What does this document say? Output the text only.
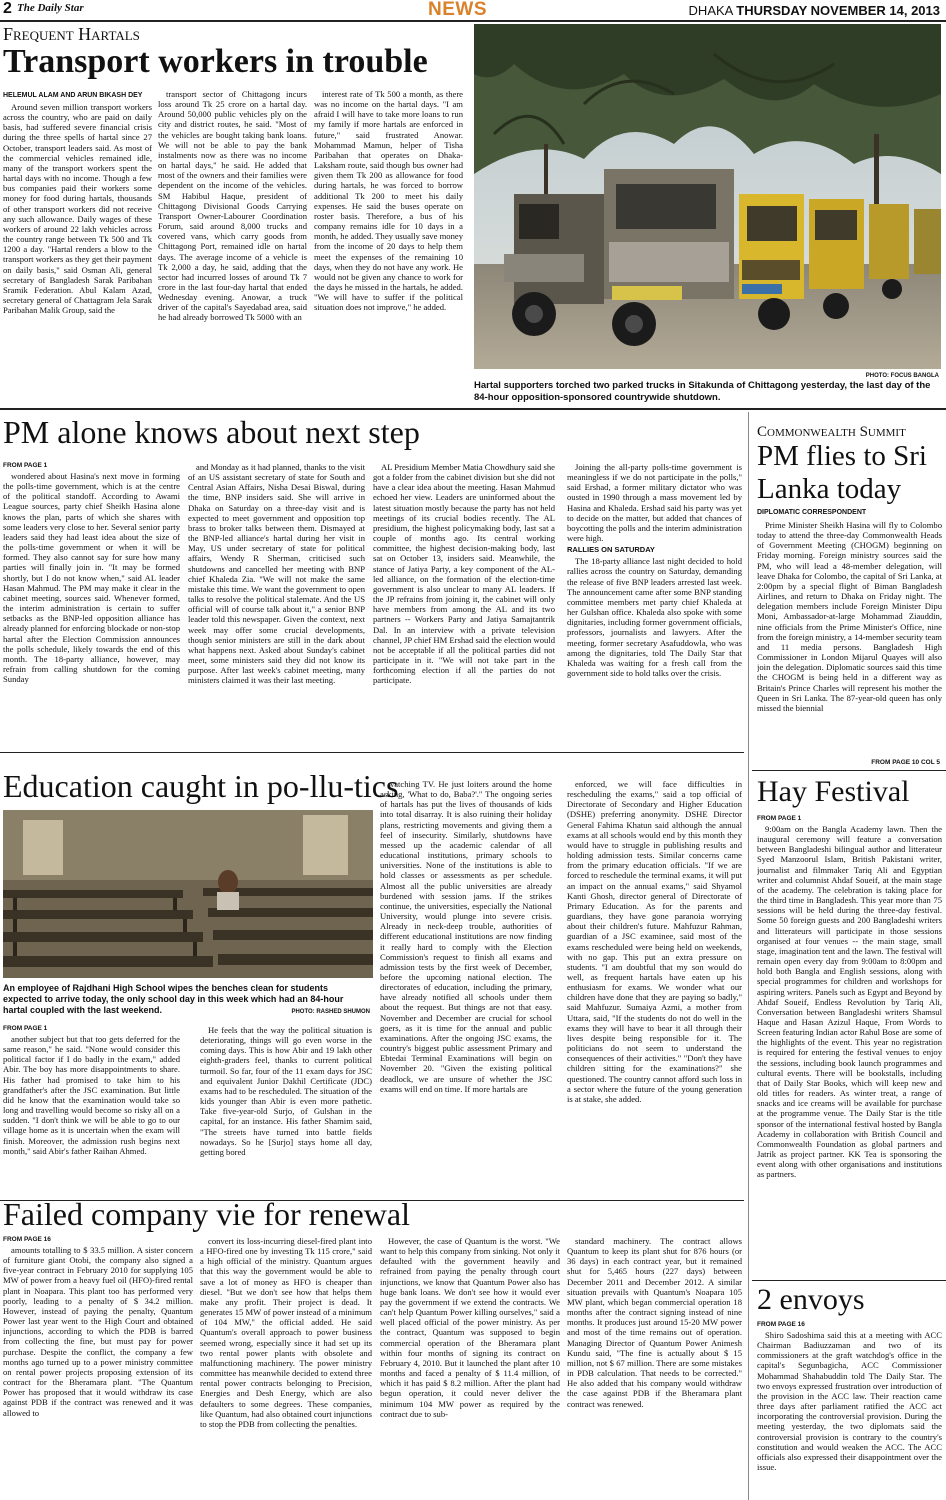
2 The Daily Star	NEWS	DHAKA THURSDAY NOVEMBER 14, 2013
Frequent Hartals
Transport workers in trouble
HELEMUL ALAM AND ARUN BIKASH DEY

Around seven million transport workers across the country, who are paid on daily basis, had suffered severe financial crisis during the three spells of hartal since 27 October, transport leaders said. As most of the commercial vehicles remained idle, many of the transport workers spent the hartal days with no income. Though a few bus companies paid their workers some money for food during hartals, thousands of other transport workers did not receive any such allowance. Daily wages of these workers of around 22 lakh vehicles across the country range between Tk 500 and Tk 1200 a day. "Hartal renders a blow to the transport workers as they get their payment on daily basis," said Osman Ali, general secretary of Bangladesh Sarak Paribahan Sramik Federation. Abul Kalam Azad, secretary general of Chattagram Jela Sarak Paribahan Malik Group, said the

transport sector of Chittagong incurs loss around Tk 25 crore on a hartal day. Around 50,000 public vehicles ply on the city and district routes, he said. "Most of the vehicles are bought taking bank loans. We will not be able to pay the bank instalments now as there was no income on hartal days," he said. He added that most of the owners and their families were dependent on the income of the vehicles. SM Habibul Haque, president of Chittagong Divisional Goods Carrying Transport Owner-Labourer Coordination Forum, said around 8,000 trucks and covered vans, which carry goods from Chittagong Port, remained idle on hartal days. The average income of a vehicle is Tk 2,000 a day, he said, adding that the sector had incurred losses of around Tk 7 crore in the last four-day hartal that ended Wednesday evening. Anowar, a truck driver of the capital's Sayedabad area, said he had already borrowed Tk 5000 with an

interest rate of Tk 500 a month, as there was no income on the hartal days. "I am afraid I will have to take more loans to run my family if more hartals are enforced in future," said frustrated Anowar. Mohammad Mamun, helper of Tisha Paribahan that operates on Dhaka-Laksham route, said though bus owner had given them Tk 200 as allowance for food during hartals, he was forced to borrow additional Tk 200 to meet his daily expenses. He said the buses operate on roster basis. Therefore, a bus of his company remains idle for 10 days in a month, he added. They usually save money from the income of 20 days to help them meet the expenses of the remaining 10 days, when they do not have any work. He would not be given any chance to work for the days he missed in the hartals, he added. "We will have to suffer if the political situation does not improve," he added.

PHOTO: FOCUS BANGLA
Hartal supporters torched two parked trucks in Sitakunda of Chittagong yesterday, the last day of the 84-hour opposition-sponsored countrywide shutdown.
PM alone knows about next step
FROM PAGE 1

wondered about Hasina's next move in forming the polls-time government, which is at the centre of the political standoff. According to Awami League sources, party chief Sheikh Hasina alone knows the plan, parts of which she shares with some leaders very close to her. Several senior party leaders said they had least idea about the size of the polls-time government or when it will be formed. They also cannot say for sure how many parties will finally join in. "It may be formed shortly, but I do not know when," said AL leader Hasan Mahmud. The PM may make it clear in the cabinet meeting, sources said. Whenever formed, the interim administration is certain to suffer setbacks as the BNP-led opposition alliance has already planned for enforcing blockade or non-stop hartal after the Election Commission announces the polls schedule, likely towards the end of this month. The 18-party alliance, however, may refrain from calling shutdown for the coming Sunday

and Monday as it had planned, thanks to the visit of an US assistant secretary of state for South and Central Asian Affairs, Nisha Desai Biswal, during the time, BNP insiders said. She will arrive in Dhaka on Saturday on a three-day visit and is expected to meet government and opposition top brass to broker talks between them. Dismayed at the BNP-led alliance's hartal during her visit in May, US under secretary of state for political affairs, Wendy R Sherman, criticised such shutdowns and cancelled her meeting with BNP chief Khaleda Zia. "We will not make the same mistake this time. We want the government to open talks to resolve the political stalemate. And the US official will of course talk about it," a senior BNP leader told this newspaper. Given the context, next week may offer some crucial developments, though senior ministers are still in the dark about what happens next. Asked about Sunday's cabinet meet, some ministers said they did not know its purpose. After last week's cabinet meeting, many ministers claimed it was their last meeting.

AL Presidium Member Matia Chowdhury said she got a folder from the cabinet division but she did not have a clear idea about the meeting. Hasan Mahmud echoed her view. Leaders are uninformed about the latest situation mostly because the party has not held meetings of its crucial bodies recently. The AL presidium, the highest policymaking body, last sat a couple of months ago. Its central working committee, the highest decision-making body, last sat on October 13, insiders said. Meanwhile, the stance of Jatiya Party, a key component of the AL-led alliance, on the formation of the election-time government is also unclear to many AL leaders. If the JP refrains from joining it, the cabinet will only have members from among the AL and its two partners -- Workers Party and Jatiya Samajtantrik Dal. In an interview with a private television channel, JP chief HM Ershad said the election would not be acceptable if all the political parties did not participate in it. "We will not take part in the forthcoming election if all the parties do not participate.

Joining the all-party polls-time government is meaningless if we do not participate in the polls," said Ershad, a former military dictator who was ousted in 1990 through a mass movement led by Hasina and Khaleda. Ershad said his party was yet to decide on the matter, but added that chances of boycotting the polls and the interim administration were high.

RALLIES ON SATURDAY

The 18-party alliance last night decided to hold rallies across the country on Saturday, demanding the release of five BNP leaders arrested last week. The announcement came after some BNP standing committee members met party chief Khaleda at her Gulshan office. Khaleda also spoke with some dignitaries, including former government officials, professors, journalists and lawyers. After the meeting, former secretary Asafuddowla, who was among the dignitaries, told The Daily Star that Khaleda was waiting for a fresh call from the government side to hold talks over the crisis.

Commonwealth Summit
PM flies to Sri Lanka today
DIPLOMATIC CORRESPONDENT

Prime Minister Sheikh Hasina will fly to Colombo today to attend the three-day Commonwealth Heads of Government Meeting (CHOGM) beginning on Friday morning. Foreign ministry sources said the PM, who will lead a 48-member delegation, will leave Dhaka for Colombo, the capital of Sri Lanka, at 2:00pm by a special flight of Biman Bangladesh Airlines, and return to Dhaka on Friday night. The delegation members include Foreign Minister Dipu Moni, Ambassador-at-large Mohammad Ziauddin, nine officials from the Prime Minister's Office, nine from the foreign ministry, a 14-member security team and 11 media persons. Bangladesh High Commissioner in London Mijarul Quayes will also join the delegation. Diplomatic sources said this time the CHOGM is being held in a different way as Britain's Prince Charles will represent his mother the Queen in Sri Lanka. The 87-year-old queen has only missed the biennial

FROM PAGE 10 COL 5
Education caught in po-llu-tics
An employee of Rajdhani High School wipes the benches clean for students expected to arrive today, the only school day in this week which had an 84-hour hartal coupled with the last weekend.	PHOTO: RASHED SHUMON
FROM PAGE 1

another subject but that too gets deferred for the same reason," he said. "None would consider this political factor if I do badly in the exam," added Abir. The boy has more disappointments to share. His father had promised to take him to his grandfather's after the JSC examination. But little did he know that the examination would take so long and travelling would become so risky all on a sudden. "I don't think we will be able to go to our village home as it is uncertain when the exam will finish. Moreover, the admission rush begins next month," said Abir's father Raihan Ahmed.

He feels that the way the political situation is deteriorating, things will go even worse in the coming days. This is how Abir and 19 lakh other eighth-graders feel, thanks to current political turmoil. So far, four of the 11 exam days for JSC and equivalent Junior Dakhil Certificate (JDC) exams had to be rescheduled. The situation of the kids younger than Abir is even more pathetic. Take five-year-old Surjo, of Gulshan in the capital, for an instance. His father Shamim said, "The streets have turned into battle fields nowadays. So he [Surjo] stays home all day, getting bored

watching TV. He just loiters around the home asking, 'What to do, Baba?'." The ongoing series of hartals has put the lives of thousands of kids into total disarray. It is also ruining their holiday plans, restricting movements and giving them a feel of insecurity. Similarly, shutdowns have messed up the academic calendar of all educational institutions, primary schools to universities. None of the institutions is able to hold classes or assessments as per schedule. Almost all the public universities are already burdened with session jams. If the strikes continue, the universities, especially the National University, would plunge into severe crisis. Already in neck-deep trouble, authorities of different educational institutions are now finding it really hard to comply with the Election Commission's request to finish all exams and admission tests by the first week of December, before the upcoming national election. The directorates of education, including the primary, have already notified all schools under them about the request. But things are not that easy. November and December are crucial for school goers, as it is time for the annual and public examinations. After the ongoing JSC exams, the country's biggest public assessment Primary and Ebtedai Terminal Examinations will begin on November 20. "Given the existing political deadlock, we are unsure of whether the JSC exams will end on time. If more hartals are

enforced, we will face difficulties in rescheduling the exams," said a top official of Directorate of Secondary and Higher Education (DSHE) preferring anonymity. DSHE Director General Fahima Khatun said although the annual exams at all schools would end by this month they would have to struggle in publishing results and holding admission tests. Similar concerns came from the primary education officials. "If we are forced to reschedule the terminal exams, it will put an impact on the annual exams," said Shyamol Kanti Ghosh, director general of Directorate of Primary Education. As for the parents and guardians, they have gone paranoia worrying about their children's future. Mahfuzur Rahman, guardian of a JSC examinee, said most of the exams rescheduled were being held on weekends, with no gap. This put an extra pressure on students. "I am doubtful that my son would do well, as frequent hartals have eaten up his enthusiasm for exams. We wonder what our children have done that they are paying so badly," said Mahfuzur. Sumaiya Azmi, a mother from Uttara, said, "If the students do not do well in the exams they will have to bear it all through their lives despite being responsible for it. The politicians do not seem to understand the consequences of their activities." "Don't they have children sitting for the examinations?" she questioned. The country cannot afford such loss in a sector where the future of the young generation is at stake, she added.

Hay Festival
FROM PAGE 1

9:00am on the Bangla Academy lawn. Then the inaugural ceremony will feature a conversation between Bangladeshi bilingual author and litterateur Syed Manzoorul Islam, British Pakistani writer, journalist and filmmaker Tariq Ali and Egyptian writer and columnist Ahdaf Soueif, at the main stage of the academy. The celebration is taking place for the third time in Bangladesh. This year more than 75 sessions will be held during the three-day festival. Some 50 foreign guests and 200 Bangladeshi writers and litterateurs will participate in those sessions organised at four venues -- the main stage, small stage, imagination tent and the lawn. The festival will remain open every day from 9:00am to 8:00pm and hold both Bangla and English sessions, along with special programmes for children and workshops for aspiring writers. Panels such as Egypt and Beyond by Ahdaf Soueif, Endless Revolution by Tariq Ali, Conversation between Bangladeshi writers Shamsul Haque and Hasan Azizul Haque, From Words to Screen featuring Indian actor Rahul Bose are some of the highlights of the event. This year no registration is required for entering the festival venues to enjoy the sessions, including book launch programmes and cultural events. There will be bookstalls, including that of Daily Star Books, which will keep new and old titles for readers. As winter treat, a range of snacks and ice creams will be available for purchase at the programme venue. The Daily Star is the title sponsor of the international festival hosted by Bangla Academy in collaboration with British Council and Commonwealth Foundation as global partners and Jatrik as project partner. KK Tea is sponsoring the event along with other organisations and institutions as partners.

Failed company vie for renewal
FROM PAGE 16

amounts totalling to $ 33.5 million. A sister concern of furniture giant Otobi, the company also signed a five-year contract in February 2010 for supplying 105 MW of power from a heavy fuel oil (HFO)-fired rental plant in Noapara. This plant too has performed very poorly, leading to a penalty of $ 34.2 million. However, instead of paying the penalty, Quantum Power last year went to the High Court and obtained injunctions, according to which the PDB is barred from collecting the fine, but must pay for power purchase. Despite the conflict, the company a few months ago turned up to a power ministry committee on rental power projects proposing extension of its contract for the Bheramara plant. "The Quantum Power has proposed that it would withdraw its case against PDB if the contract was renewed and it was allowed to

convert its loss-incurring diesel-fired plant into a HFO-fired one by investing Tk 115 crore," said a high official of the ministry. Quantum argues that this way the government would be able to save a lot of money as HFO is cheaper than diesel. "But we don't see how that helps them make any profit. Their project is dead. It generates 15 MW of power instead of a minimum of 104 MW," the official added. He said Quantum's overall approach to power business seemed wrong, especially since it had set up its two rental power plants with obsolete and malfunctioning machinery. The power ministry committee has meanwhile decided to extend three rental power contracts belonging to Precision, Energies and Desh Energy, which are also defaulters to some degrees. These companies, like Quantum, had also obtained court injunctions to stop the PDB from collecting the penalties.

However, the case of Quantum is the worst. "We want to help this company from sinking. Not only it defaulted with the government heavily and refrained from paying the penalty through court injunctions, we know that Quantum Power also has huge bank loans. We don't see how it would ever pay the government if we extend the contracts. We can't help Quantum Power killing ourselves," said a well placed official of the power ministry. As per the contract, Quantum was supposed to begin commercial operation of the Bheramara plant within four months of signing its contract on February 4, 2010. But it launched the plant after 10 months and faced a penalty of $ 11.4 million, of which it has paid $ 8.2 million. After the plant had begun operation, it could never deliver the minimum 104 MW power as required by the contract due to sub-

standard machinery. The contract allows Quantum to keep its plant shut for 876 hours (or 36 days) in each contract year, but it remained shut for 5,465 hours (227 days) between December 2011 and December 2012. A similar situation prevails with Quantum's Noapara 105 MW plant, which began commercial operation 18 months after the contract signing instead of nine months. It produces just around 15-20 MW power and most of the time remains out of operation. Managing Director of Quantum Power Animesh Kundu said, "The fine is actually about $ 15 million, not $ 67 million. There are some mistakes in PDB calculation. That needs to be corrected." He also added that his company would withdraw the case against PDB if the Bheramara plant contract was renewed.

2 envoys
FROM PAGE 16

Shiro Sadoshima said this at a meeting with ACC Chairman Badiuzzaman and two of its commissioners at the graft watchdog's office in the capital's Segunbagicha, ACC Commissioner Mohammad Shahabuddin told The Daily Star. The two envoys expressed frustration over introduction of the provision in the ACC law. Their reaction came three days after parliament ratified the ACC act incorporating the controversial provision. During the meeting yesterday, the two diplomats said the controversial provision is contrary to the country's constitution and would weaken the ACC. The ACC officials also expressed their disappointment over the issue.
